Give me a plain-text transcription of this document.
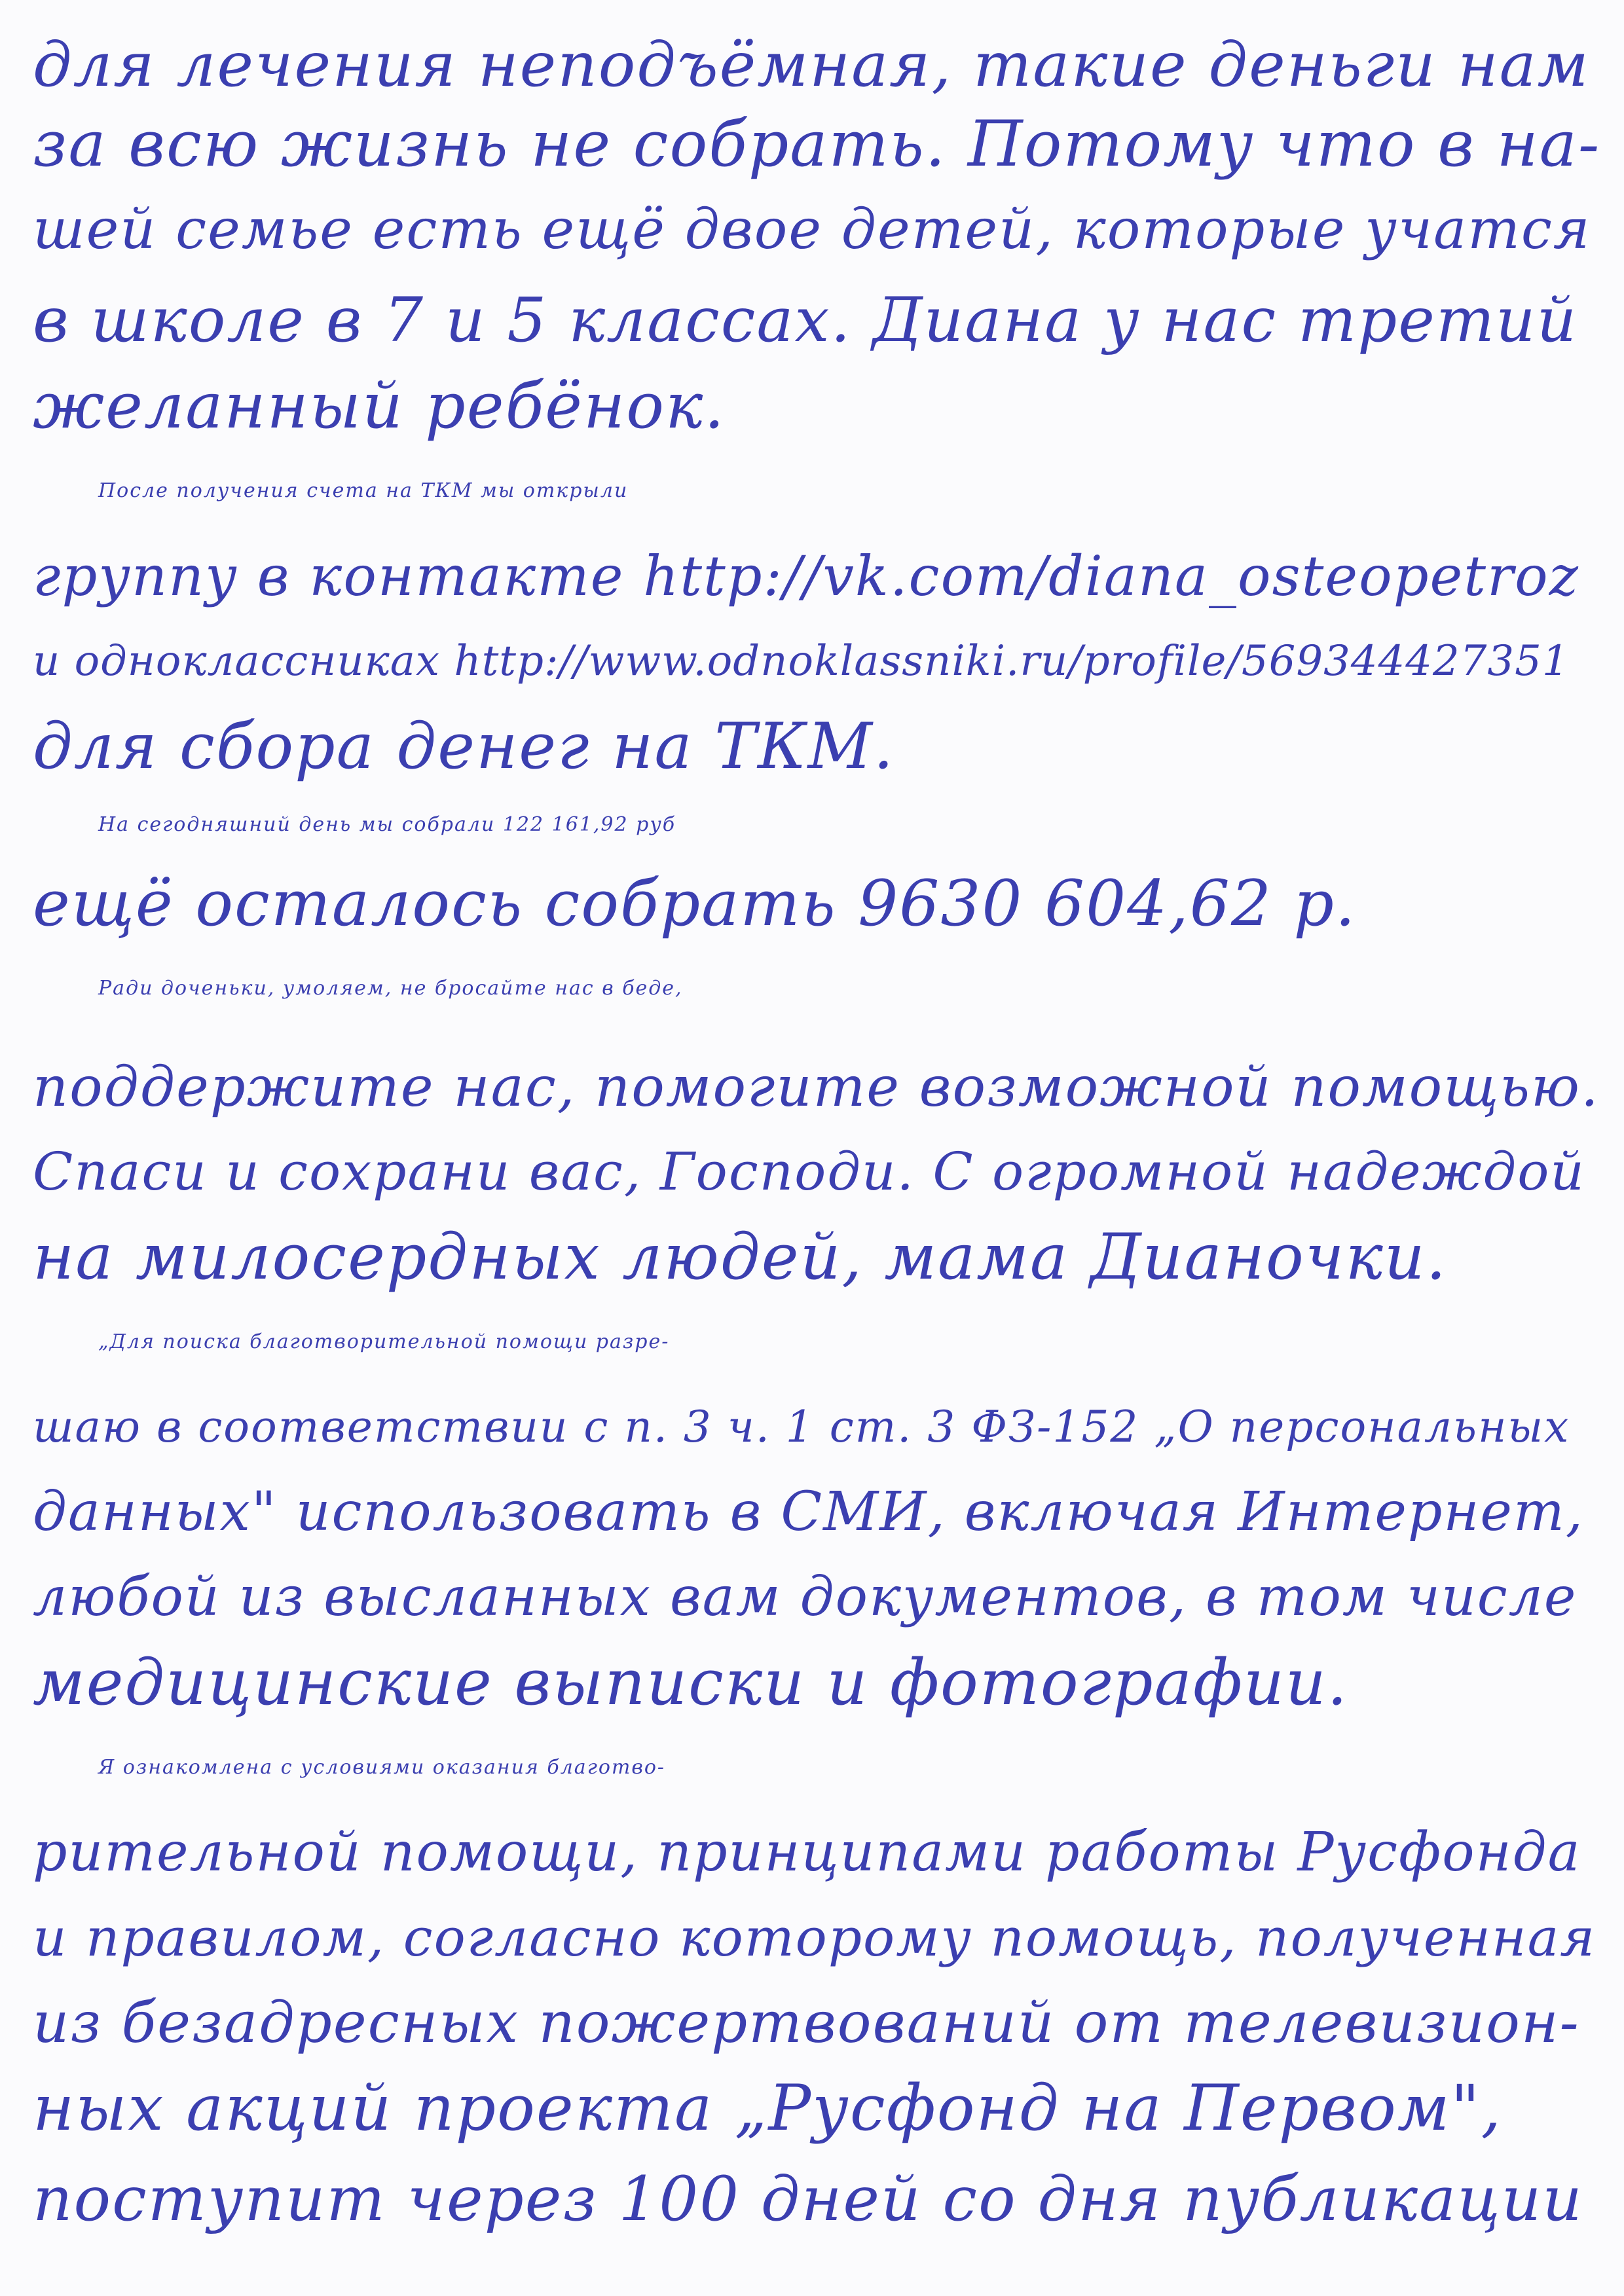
для лечения неподъёмная, такие деньги нам
за всю жизнь не собрать. Потому что в на-
шей семье есть ещё двое детей, которые учатся
в школе в 7 и 5 классах. Диана у нас третий
желанный ребёнок.
После получения счета на ТКМ мы открыли
группу в контакте http://vk.com/diana_osteopetroz
и одноклассниках http://www.odnoklassniki.ru/profile/569344427351
для сбора денег на ТКМ.
На сегодняшний день мы собрали 122 161,92 руб
ещё осталось собрать 9630 604,62 р.
Ради доченьки, умоляем, не бросайте нас в беде,
поддержите нас, помогите возможной помощью.
Спаси и сохрани вас, Господи. С огромной надеждой
на милосердных людей, мама Дианочки.
„Для поиска благотворительной помощи разре-
шаю в соответствии с п. 3 ч. 1 ст. 3 ФЗ-152 „О персональных
данных" использовать в СМИ, включая Интернет,
любой из высланных вам документов, в том числе
медицинские выписки и фотографии.
Я ознакомлена с условиями оказания благотво-
рительной помощи, принципами работы Русфонда
и правилом, согласно которому помощь, полученная
из безадресных пожертвований от телевизион-
ных акций проекта „Русфонд на Первом",
поступит через 100 дней со дня публикации
